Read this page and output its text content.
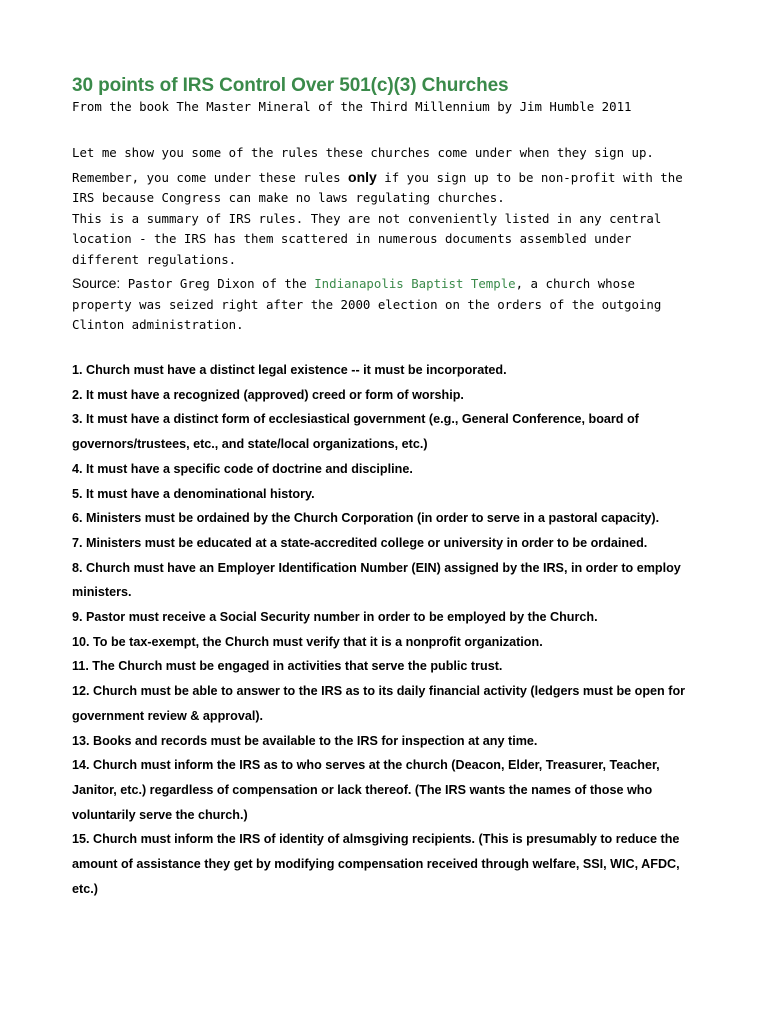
30 points of IRS Control Over 501(c)(3) Churches

From the book The Master Mineral of the Third Millennium by Jim Humble 2011

Let me show you some of the rules these churches come under when they sign up.

Remember, you come under these rules only if you sign up to be non-profit with the IRS because Congress can make no laws regulating churches.

This is a summary of IRS rules. They are not conveniently listed in any central location - the IRS has them scattered in numerous documents assembled under different regulations.

Source: Pastor Greg Dixon of the Indianapolis Baptist Temple, a church whose property was seized right after the 2000 election on the orders of the outgoing Clinton administration.

1. Church must have a distinct legal existence -- it must be incorporated.
2. It must have a recognized (approved) creed or form of worship.
3. It must have a distinct form of ecclesiastical government (e.g., General Conference, board of governors/trustees, etc., and state/local organizations, etc.)
4. It must have a specific code of doctrine and discipline.
5. It must have a denominational history.
6. Ministers must be ordained by the Church Corporation (in order to serve in a pastoral capacity).
7. Ministers must be educated at a state-accredited college or university in order to be ordained.
8. Church must have an Employer Identification Number (EIN) assigned by the IRS, in order to employ ministers.
9. Pastor must receive a Social Security number in order to be employed by the Church.
10. To be tax-exempt, the Church must verify that it is a nonprofit organization.
11. The Church must be engaged in activities that serve the public trust.
12. Church must be able to answer to the IRS as to its daily financial activity (ledgers must be open for government review & approval).
13. Books and records must be available to the IRS for inspection at any time.
14. Church must inform the IRS as to who serves at the church (Deacon, Elder, Treasurer, Teacher, Janitor, etc.) regardless of compensation or lack thereof. (The IRS wants the names of those who voluntarily serve the church.)
15. Church must inform the IRS of identity of almsgiving recipients. (This is presumably to reduce the amount of assistance they get by modifying compensation received through welfare, SSI, WIC, AFDC, etc.)
